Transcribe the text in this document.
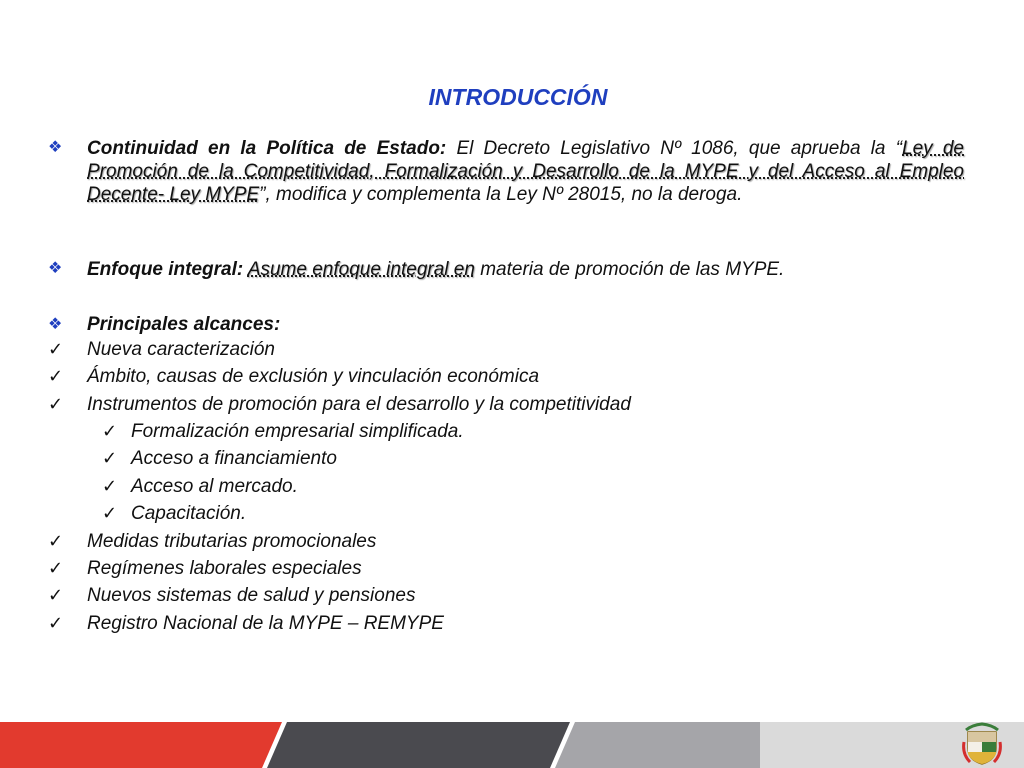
INTRODUCCIÓN
❖ Continuidad en la Política de Estado: El Decreto Legislativo Nº 1086, que aprueba la “Ley de Promoción de la Competitividad, Formalización y Desarrollo de la MYPE y del Acceso al Empleo Decente- Ley MYPE”, modifica y complementa la Ley Nº 28015, no la deroga.
❖ Enfoque integral: Asume enfoque integral en materia de promoción de las MYPE.
❖ Principales alcances:
✓ Nueva caracterización
✓ Ámbito, causas de exclusión y vinculación económica
✓ Instrumentos de promoción para el desarrollo y la competitividad
✓ Formalización empresarial simplificada.
✓ Acceso a financiamiento
✓ Acceso al mercado.
✓ Capacitación.
✓ Medidas tributarias promocionales
✓ Regímenes laborales especiales
✓ Nuevos sistemas de salud y pensiones
✓ Registro Nacional de la MYPE – REMYPE
